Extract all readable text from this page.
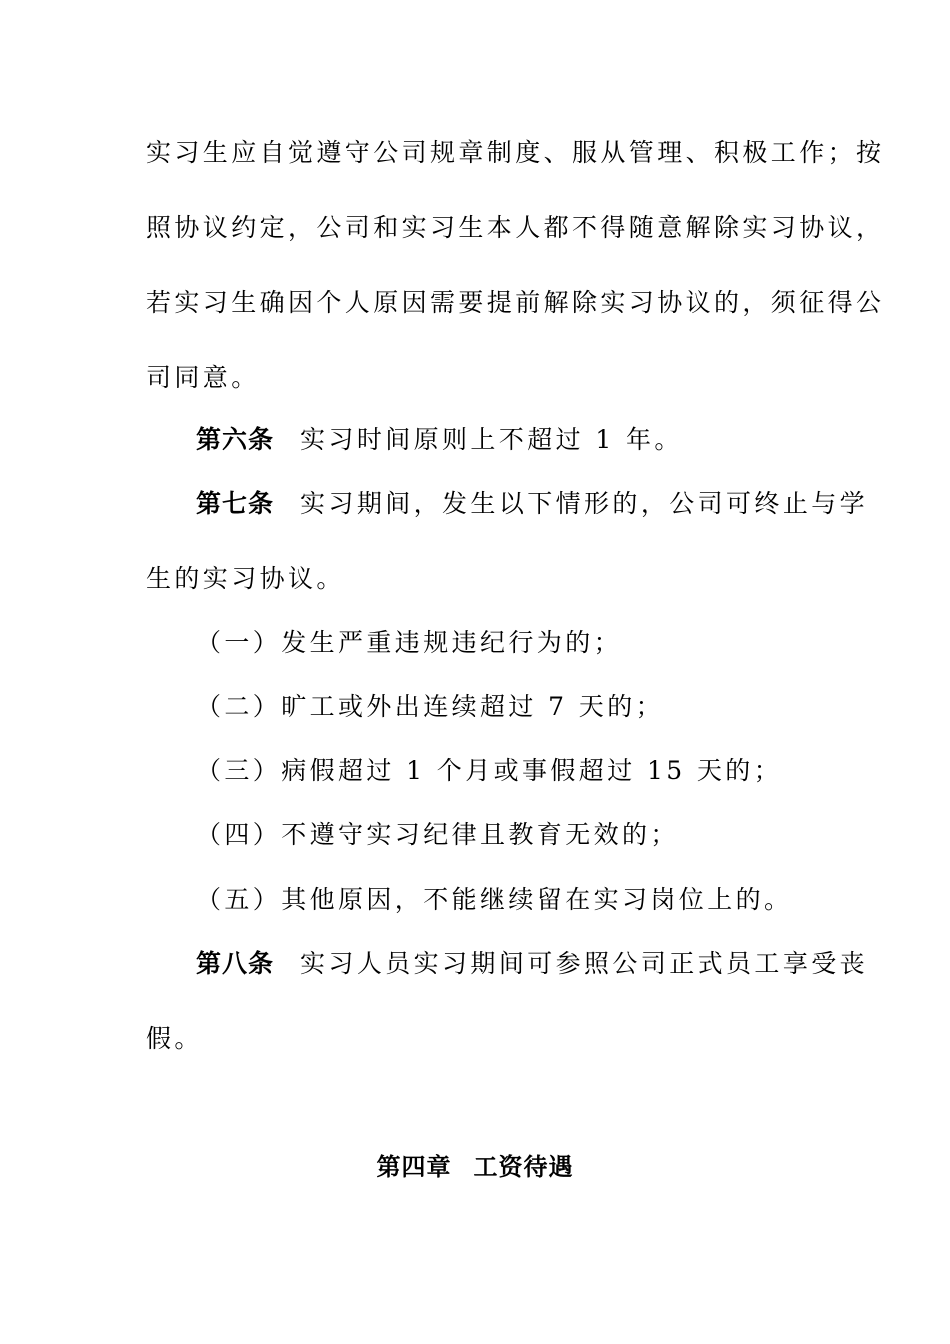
实习生应自觉遵守公司规章制度、服从管理、积极工作；按
照协议约定，公司和实习生本人都不得随意解除实习协议，
若实习生确因个人原因需要提前解除实习协议的，须征得公
司同意。
第六条 实习时间原则上不超过 1 年。
第七条 实习期间，发生以下情形的，公司可终止与学
生的实习协议。
（一）发生严重违规违纪行为的；
（二）旷工或外出连续超过 7 天的；
（三）病假超过 1 个月或事假超过 15 天的；
（四）不遵守实习纪律且教育无效的；
（五）其他原因，不能继续留在实习岗位上的。
第八条 实习人员实习期间可参照公司正式员工享受丧
假。
第四章 工资待遇
